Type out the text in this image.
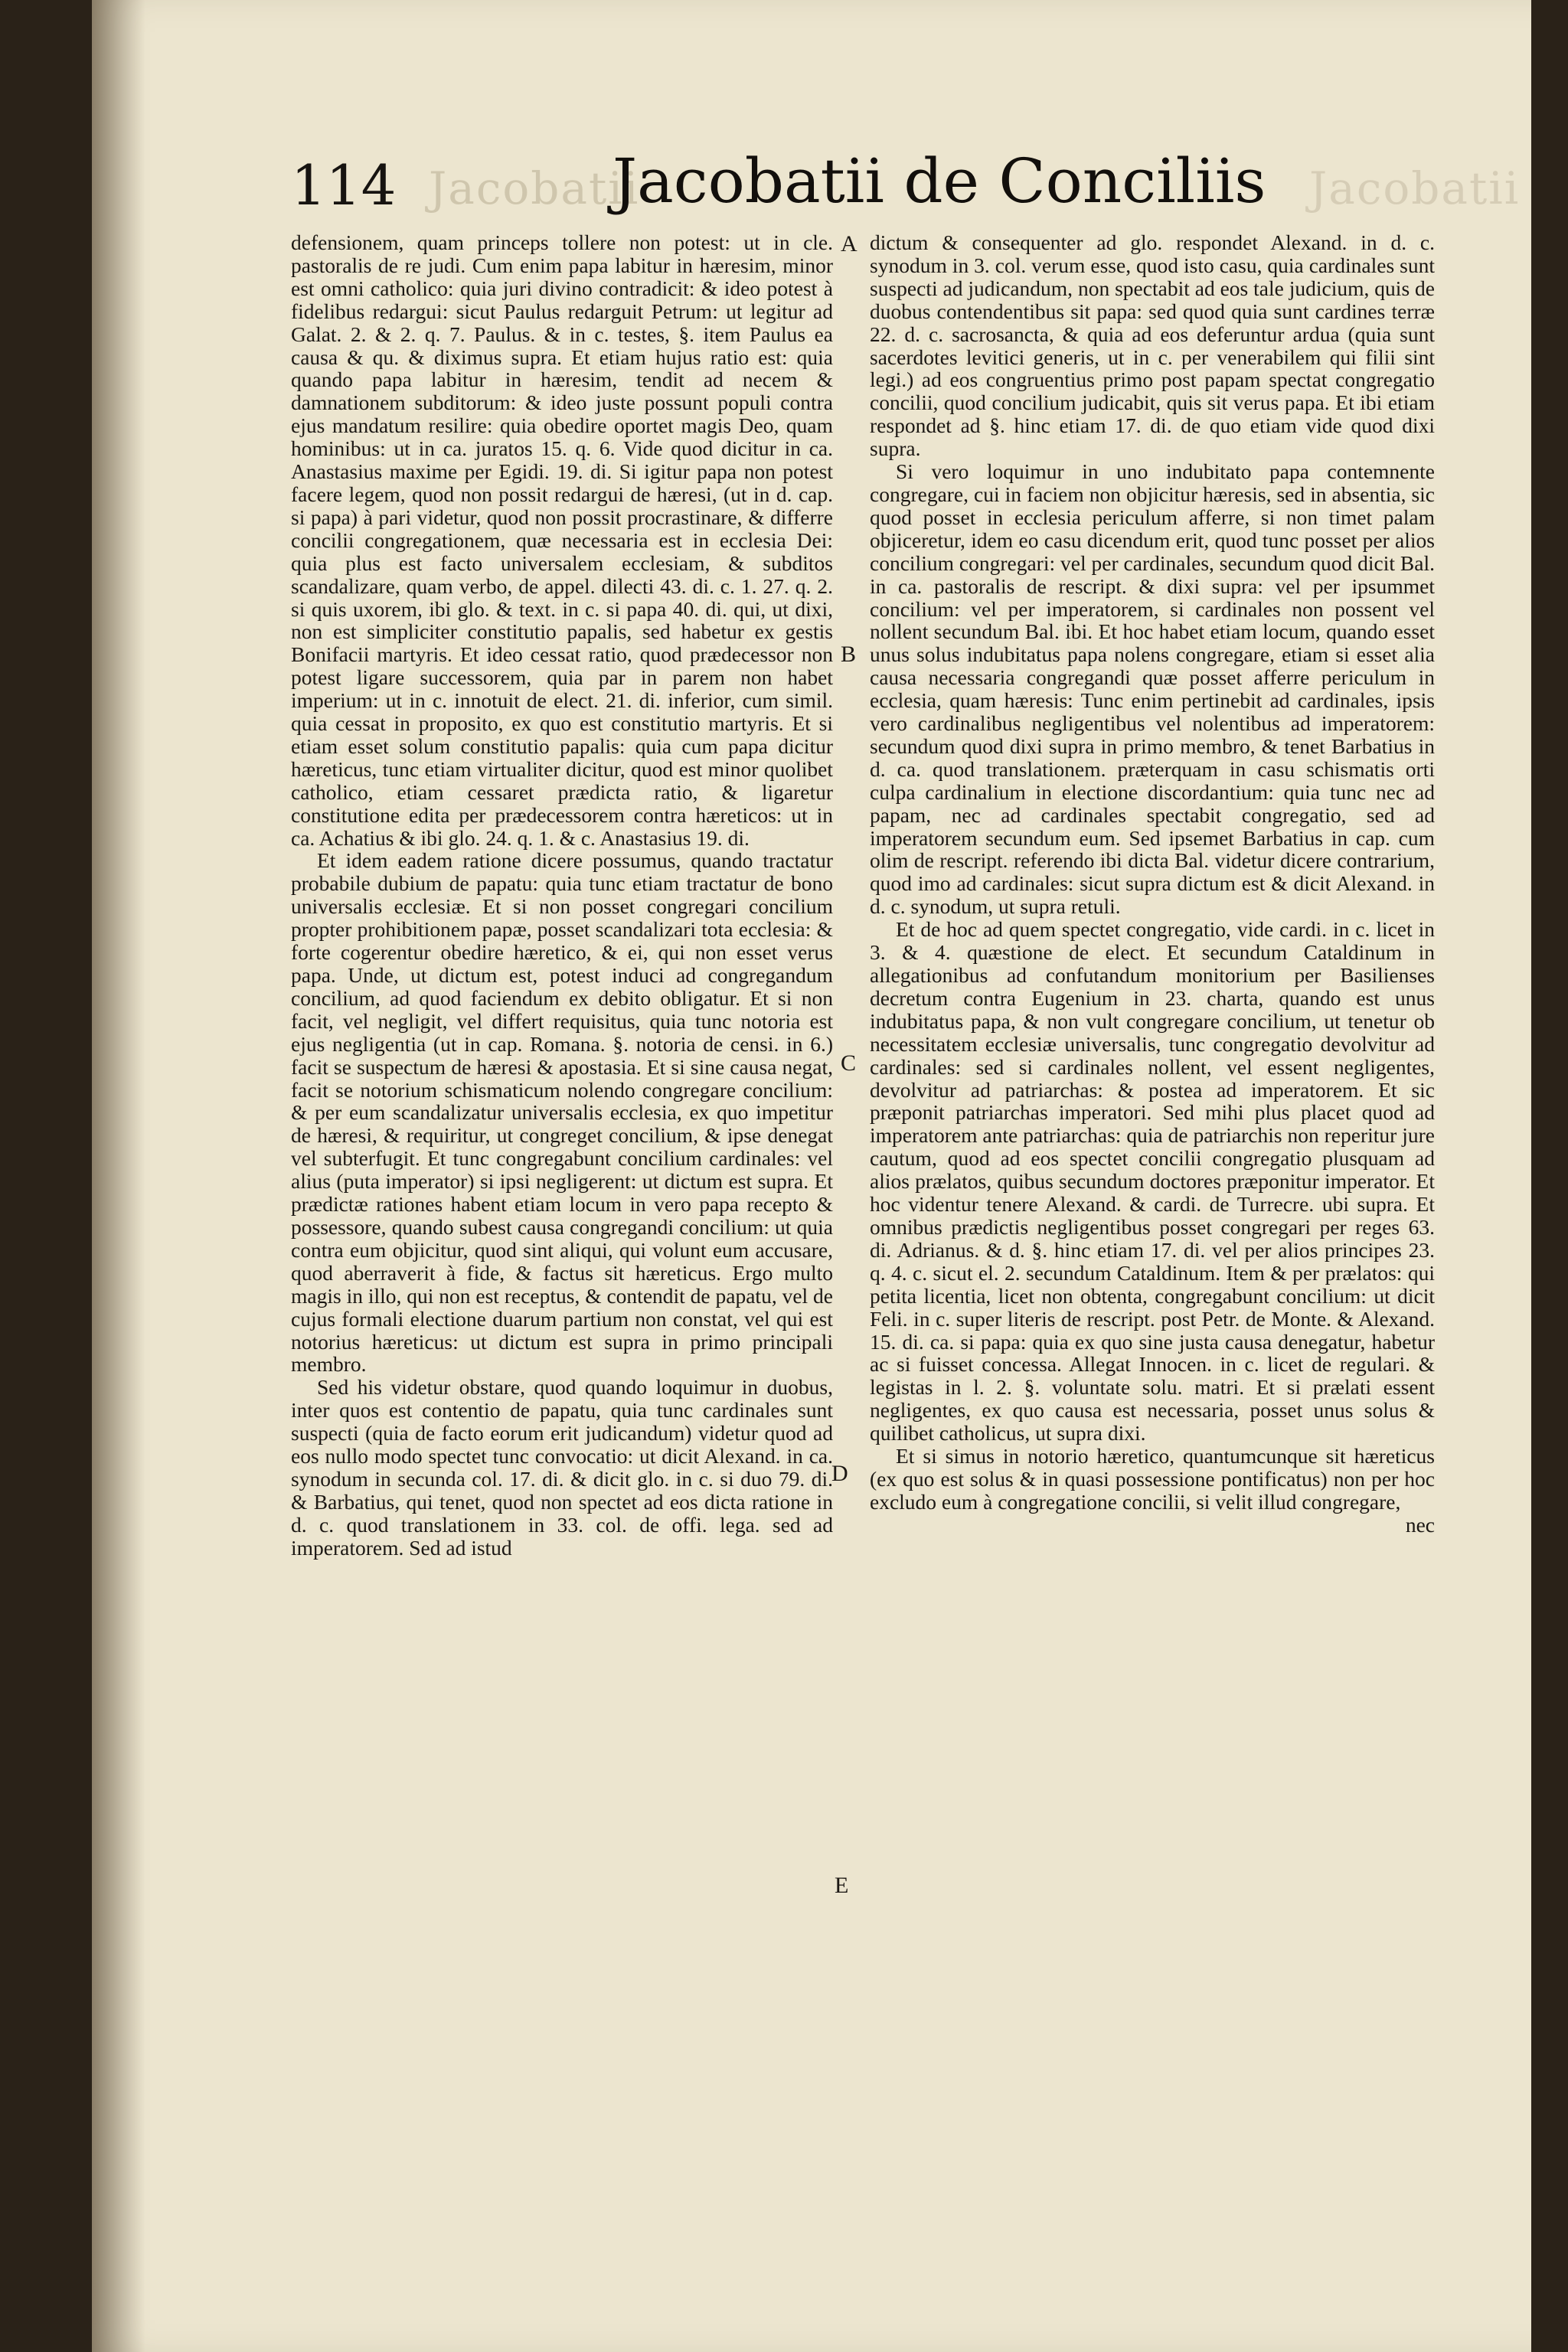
114 Jacobatii
Jacobatii de Conciliis Jacobatii

defensionem, quam princeps tollere non potest: ut in cle. pastoralis de re judi. Cum enim papa labitur in hæresim, minor est omni catholico: quia juri divino contradicit: & ideo potest à fidelibus redargui: sicut Paulus redarguit Petrum: ut legitur ad Galat. 2. & 2. q. 7. Paulus. & in c. testes, §. item Paulus ea causa & qu. & diximus supra. Et etiam hujus ratio est: quia quando papa labitur in hæresim, tendit ad necem & damnationem subditorum: & ideo juste possunt populi contra ejus mandatum resilire: quia obedire oportet magis Deo, quam hominibus: ut in ca. juratos 15. q. 6. Vide quod dicitur in ca. Anastasius maxime per Egidi. 19. di. Si igitur papa non potest facere legem, quod non possit redargui de hæresi, (ut in d. cap. si papa) à pari videtur, quod non possit procrastinare, & differre concilii congregationem, quæ necessaria est in ecclesia Dei: quia plus est facto universalem ecclesiam, & subditos scandalizare, quam verbo, de appel. dilecti 43. di. c. 1. 27. q. 2. si quis uxorem, ibi glo. & text. in c. si papa 40. di. qui, ut dixi, non est simpliciter constitutio papalis, sed habetur ex gestis Bonifacii martyris. Et ideo cessat ratio, quod prædecessor non potest ligare successorem, quia par in parem non habet imperium: ut in c. innotuit de elect. 21. di. inferior, cum simil. quia cessat in proposito, ex quo est constitutio martyris. Et si etiam esset solum constitutio papalis: quia cum papa dicitur hæreticus, tunc etiam virtualiter dicitur, quod est minor quolibet catholico, etiam cessaret prædicta ratio, & ligaretur constitutione edita per prædecessorem contra hæreticos: ut in ca. Achatius & ibi glo. 24. q. 1. & c. Anastasius 19. di.

Et idem eadem ratione dicere possumus, quando tractatur probabile dubium de papatu: quia tunc etiam tractatur de bono universalis ecclesiæ. Et si non posset congregari concilium propter prohibitionem papæ, posset scandalizari tota ecclesia: & forte cogerentur obedire hæretico, & ei, qui non esset verus papa. Unde, ut dictum est, potest induci ad congregandum concilium, ad quod faciendum ex debito obligatur. Et si non facit, vel negligit, vel differt requisitus, quia tunc notoria est ejus negligentia (ut in cap. Romana. §. notoria de censi. in 6.) facit se suspectum de hæresi & apostasia. Et si sine causa negat, facit se notorium schismaticum nolendo congregare concilium: & per eum scandalizatur universalis ecclesia, ex quo impetitur de hæresi, & requiritur, ut congreget concilium, & ipse denegat vel subterfugit. Et tunc congregabunt concilium cardinales: vel alius (puta imperator) si ipsi negligerent: ut dictum est supra. Et prædictæ rationes habent etiam locum in vero papa recepto & possessore, quando subest causa congregandi concilium: ut quia contra eum objicitur, quod sint aliqui, qui volunt eum accusare, quod aberraverit à fide, & factus sit hæreticus. Ergo multo magis in illo, qui non est receptus, & contendit de papatu, vel de cujus formali electione duarum partium non constat, vel qui est notorius hæreticus: ut dictum est supra in primo principali membro.

Sed his videtur obstare, quod quando loquimur in duobus, inter quos est contentio de papatu, quia tunc cardinales sunt suspecti (quia de facto eorum erit judicandum) videtur quod ad eos nullo modo spectet tunc convocatio: ut dicit Alexand. in ca. synodum in secunda col. 17. di. & dicit glo. in c. si duo 79. di. & Barbatius, qui tenet, quod non spectet ad eos dicta ratione in d. c. quod translationem in 33. col. de offi. lega. sed ad imperatorem. Sed ad istud

A
B
C
D
E

dictum & consequenter ad glo. respondet Alexand. in d. c. synodum in 3. col. verum esse, quod isto casu, quia cardinales sunt suspecti ad judicandum, non spectabit ad eos tale judicium, quis de duobus contendentibus sit papa: sed quod quia sunt cardines terræ 22. d. c. sacrosancta, & quia ad eos deferuntur ardua (quia sunt sacerdotes levitici generis, ut in c. per venerabilem qui filii sint legi.) ad eos congruentius primo post papam spectat congregatio concilii, quod concilium judicabit, quis sit verus papa. Et ibi etiam respondet ad §. hinc etiam 17. di. de quo etiam vide quod dixi supra.

Si vero loquimur in uno indubitato papa contemnente congregare, cui in faciem non objicitur hæresis, sed in absentia, sic quod posset in ecclesia periculum afferre, si non timet palam objiceretur, idem eo casu dicendum erit, quod tunc posset per alios concilium congregari: vel per cardinales, secundum quod dicit Bal. in ca. pastoralis de rescript. & dixi supra: vel per ipsummet concilium: vel per imperatorem, si cardinales non possent vel nollent secundum Bal. ibi. Et hoc habet etiam locum, quando esset unus solus indubitatus papa nolens congregare, etiam si esset alia causa necessaria congregandi quæ posset afferre periculum in ecclesia, quam hæresis: Tunc enim pertinebit ad cardinales, ipsis vero cardinalibus negligentibus vel nolentibus ad imperatorem: secundum quod dixi supra in primo membro, & tenet Barbatius in d. ca. quod translationem. præterquam in casu schismatis orti culpa cardinalium in electione discordantium: quia tunc nec ad papam, nec ad cardinales spectabit congregatio, sed ad imperatorem secundum eum. Sed ipsemet Barbatius in cap. cum olim de rescript. referendo ibi dicta Bal. videtur dicere contrarium, quod imo ad cardinales: sicut supra dictum est & dicit Alexand. in d. c. synodum, ut supra retuli.

Et de hoc ad quem spectet congregatio, vide cardi. in c. licet in 3. & 4. quæstione de elect. Et secundum Cataldinum in allegationibus ad confutandum monitorium per Basilienses decretum contra Eugenium in 23. charta, quando est unus indubitatus papa, & non vult congregare concilium, ut tenetur ob necessitatem ecclesiæ universalis, tunc congregatio devolvitur ad cardinales: sed si cardinales nollent, vel essent negligentes, devolvitur ad patriarchas: & postea ad imperatorem. Et sic præponit patriarchas imperatori. Sed mihi plus placet quod ad imperatorem ante patriarchas: quia de patriarchis non reperitur jure cautum, quod ad eos spectet concilii congregatio plusquam ad alios prælatos, quibus secundum doctores præponitur imperator. Et hoc videntur tenere Alexand. & cardi. de Turrecre. ubi supra. Et omnibus prædictis negligentibus posset congregari per reges 63. di. Adrianus. & d. §. hinc etiam 17. di. vel per alios principes 23. q. 4. c. sicut el. 2. secundum Cataldinum. Item & per prælatos: qui petita licentia, licet non obtenta, congregabunt concilium: ut dicit Feli. in c. super literis de rescript. post Petr. de Monte. & Alexand. 15. di. ca. si papa: quia ex quo sine justa causa denegatur, habetur ac si fuisset concessa. Allegat Innocen. in c. licet de regulari. & legistas in l. 2. §. voluntate solu. matri. Et si prælati essent negligentes, ex quo causa est necessaria, posset unus solus & quilibet catholicus, ut supra dixi.

Et si simus in notorio hæretico, quantumcunque sit hæreticus (ex quo est solus & in quasi possessione pontificatus) non per hoc excludo eum à congregatione concilii, si velit illud congregare,

nec
